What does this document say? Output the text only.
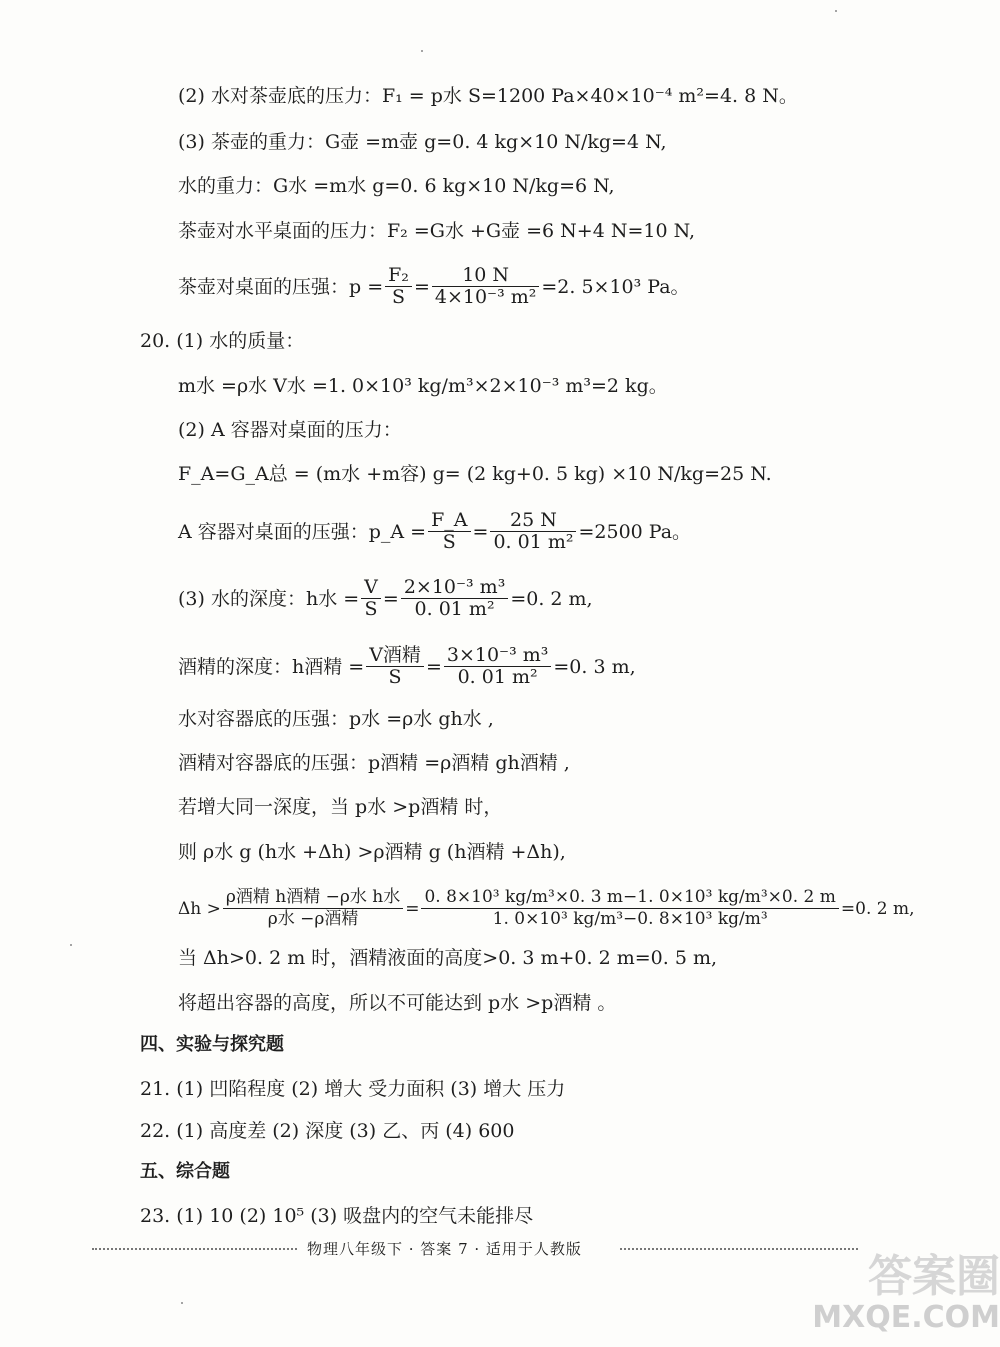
(2) 水对茶壶底的压力：F₁ = p水 S=1200 Pa×40×10⁻⁴ m²=4. 8 N。
(3) 茶壶的重力：G壶 =m壶 g=0. 4 kg×10 N/kg=4 N,
水的重力：G水 =m水 g=0. 6 kg×10 N/kg=6 N,
茶壶对水平桌面的压力：F₂ =G水 +G壶 =6 N+4 N=10 N,
茶壶对桌面的压强：$p = \frac{\text{F₂}}{S} = \frac{10 N}{\text{4×10⁻³ m²}} =2$. 5×10³ Pa。
20. (1) 水的质量：
m水 =ρ水 V水 =1. 0×10³ kg/m³×2×10⁻³ m³=2 kg。
(2) A 容器对桌面的压力：
F_A=G_A总 = (m水 +m容) g= (2 kg+0. 5 kg) ×10 N/kg=25 N.
A 容器对桌面的压强：p_A = $\frac{F\_A}{S} = \frac{25 N}{\text{0. 01 m²}} =2500$ Pa。
(3) 水的深度：h水 = $\frac{V}{S} = \frac{\text{2×10⁻³ m³}}{\text{0. 01 m²}} =0$. 2 m,
酒精的深度：h酒精 = $\frac{\text{V酒精}}{S} = \frac{\text{3×10⁻³ m³}}{\text{0. 01 m²}} =0$. 3 m,
水对容器底的压强：p水 =ρ水 gh水 ,
酒精对容器底的压强：p酒精 =ρ酒精 gh酒精 ,
若增大同一深度，当 p水 >p酒精 时，
则 ρ水 g (h水 +Δh) >ρ酒精 g (h酒精 +Δh),
$\Delta h > \frac{\text{ρ酒精 h酒精 −ρ水 h水}}{\text{ρ水 −ρ酒精}} = \frac{\text{0. 8×10³ kg/m³×0. 3 m−1. 0×10³ kg/m³×0. 2 m}}{\text{1. 0×10³ kg/m³−0. 8×10³ kg/m³}} =0$. 2 m,
当 Δh>0. 2 m 时，酒精液面的高度>0. 3 m+0. 2 m=0. 5 m,
将超出容器的高度，所以不可能达到 p水 >p酒精 。
四、实验与探究题
21. (1) 凹陷程度 (2) 增大 受力面积 (3) 增大 压力
22. (1) 高度差 (2) 深度 (3) 乙、丙 (4) 600
五、综合题
23. (1) 10 (2) 10⁵ (3) 吸盘内的空气未能排尽
物理八年级下 · 答案 7 · 适用于人教版
答案圈
MXQE.COM
